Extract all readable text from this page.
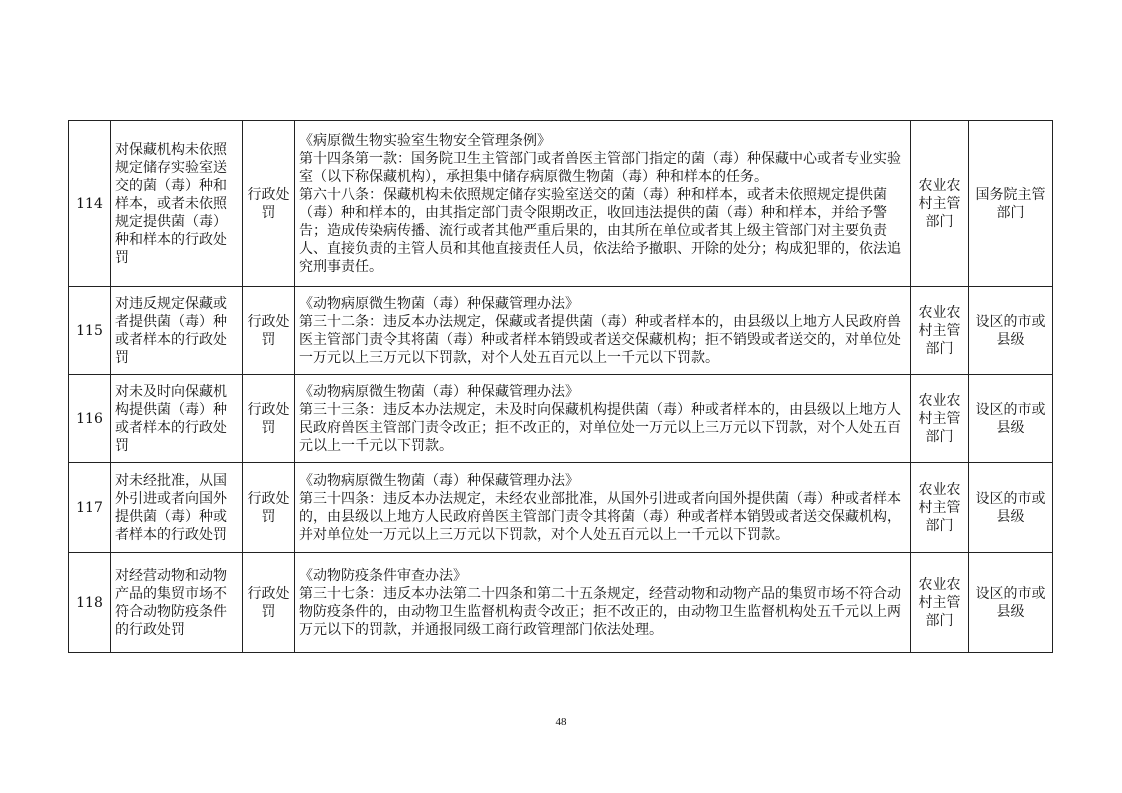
114	对保藏机构未依照规定储存实验室送交的菌（毒）种和样本，或者未依照规定提供菌（毒）种和样本的行政处罚	行政处罚	《病原微生物实验室生物安全管理条例》
第十四条第一款：国务院卫生主管部门或者兽医主管部门指定的菌（毒）种保藏中心或者专业实验室（以下称保藏机构），承担集中储存病原微生物菌（毒）种和样本的任务。
第六十八条：保藏机构未依照规定储存实验室送交的菌（毒）种和样本，或者未依照规定提供菌（毒）种和样本的，由其指定部门责令限期改正，收回违法提供的菌（毒）种和样本，并给予警告；造成传染病传播、流行或者其他严重后果的，由其所在单位或者其上级主管部门对主要负责人、直接负责的主管人员和其他直接责任人员，依法给予撤职、开除的处分；构成犯罪的，依法追究刑事责任。	农业农村主管部门	国务院主管部门
115	对违反规定保藏或者提供菌（毒）种或者样本的行政处罚	行政处罚	《动物病原微生物菌（毒）种保藏管理办法》
第三十二条：违反本办法规定，保藏或者提供菌（毒）种或者样本的，由县级以上地方人民政府兽医主管部门责令其将菌（毒）种或者样本销毁或者送交保藏机构；拒不销毁或者送交的，对单位处一万元以上三万元以下罚款，对个人处五百元以上一千元以下罚款。	农业农村主管部门	设区的市或县级
116	对未及时向保藏机构提供菌（毒）种或者样本的行政处罚	行政处罚	《动物病原微生物菌（毒）种保藏管理办法》
第三十三条：违反本办法规定，未及时向保藏机构提供菌（毒）种或者样本的，由县级以上地方人民政府兽医主管部门责令改正；拒不改正的，对单位处一万元以上三万元以下罚款，对个人处五百元以上一千元以下罚款。	农业农村主管部门	设区的市或县级
117	对未经批准，从国外引进或者向国外提供菌（毒）种或者样本的行政处罚	行政处罚	《动物病原微生物菌（毒）种保藏管理办法》
第三十四条：违反本办法规定，未经农业部批准，从国外引进或者向国外提供菌（毒）种或者样本的，由县级以上地方人民政府兽医主管部门责令其将菌（毒）种或者样本销毁或者送交保藏机构，并对单位处一万元以上三万元以下罚款，对个人处五百元以上一千元以下罚款。	农业农村主管部门	设区的市或县级
118	对经营动物和动物产品的集贸市场不符合动物防疫条件的行政处罚	行政处罚	《动物防疫条件审查办法》
第三十七条：违反本办法第二十四条和第二十五条规定，经营动物和动物产品的集贸市场不符合动物防疫条件的，由动物卫生监督机构责令改正；拒不改正的，由动物卫生监督机构处五千元以上两万元以下的罚款，并通报同级工商行政管理部门依法处理。	农业农村主管部门	设区的市或县级
48
